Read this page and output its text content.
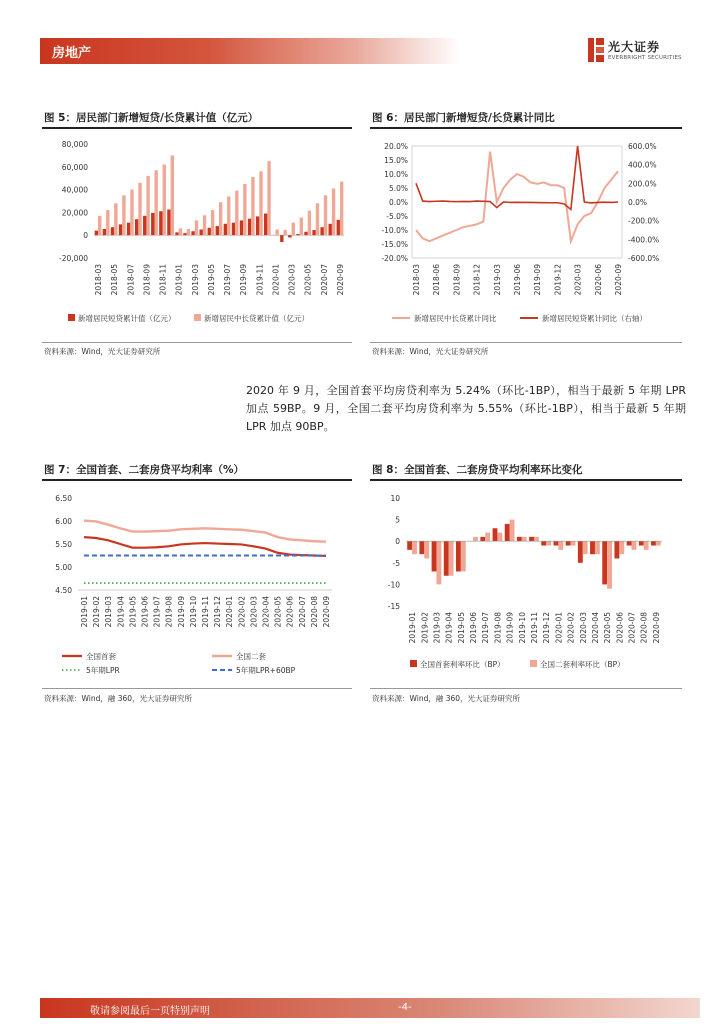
房地产	光大证券
EVERBRIGHT SECURITIES
图 5：居民部门新增短贷/长贷累计值（亿元）
-20,000
0
20,000
40,000
60,000
80,000
2018-03 2018-05 2018-07 2018-09 2018-11 2019-01 2019-03 2019-05 2019-07 2019-09 2019-11 2020-01 2020-03 2020-05 2020-07 2020-09
新增居民短贷累计值（亿元）	新增居民中长贷累计值（亿元）
资料来源：Wind，光大证券研究所
图 6：居民部门新增短贷/长贷累计同比
-20.0%
-15.0%
-10.0%
-5.0%
0.0%
5.0%
10.0%
15.0%
20.0%
-600.0%
-400.0%
-200.0%
0.0%
200.0%
400.0%
600.0%
2018-03 2018-06 2018-09 2018-12 2019-03 2019-06 2019-09 2019-12 2020-03 2020-06 2020-09
新增居民中长贷累计同比	新增居民短贷累计同比（右轴）
资料来源：Wind，光大证券研究所
2020 年 9 月，全国首套平均房贷利率为 5.24%（环比-1BP），相当于最新 5 年期 LPR 加点 59BP。9 月，全国二套平均房贷利率为 5.55%（环比-1BP），相当于最新 5 年期 LPR 加点 90BP。
图 7：全国首套、二套房贷平均利率（%）
4.50
5.00
5.50
6.00
6.50
2019-01 2019-02 2019-03 2019-04 2019-05 2019-06 2019-07 2019-08 2019-09 2019-10 2019-11 2019-12 2020-01 2020-02 2020-03 2020-04 2020-05 2020-06 2020-07 2020-08 2020-09
全国首套	全国二套
5年期LPR	5年期LPR+60BP
资料来源：Wind，融 360，光大证券研究所
图 8：全国首套、二套房贷平均利率环比变化
-15
-10
-5
0
5
10
2019-01 2019-02 2019-03 2019-04 2019-05 2019-06 2019-07 2019-08 2019-09 2019-10 2019-11 2019-12 2020-01 2020-02 2020-03 2020-04 2020-05 2020-06 2020-07 2020-08 2020-09
全国首套利率环比（BP）	全国二套利率环比（BP）
资料来源：Wind，融 360，光大证券研究所
敬请参阅最后一页特别声明	-4-
